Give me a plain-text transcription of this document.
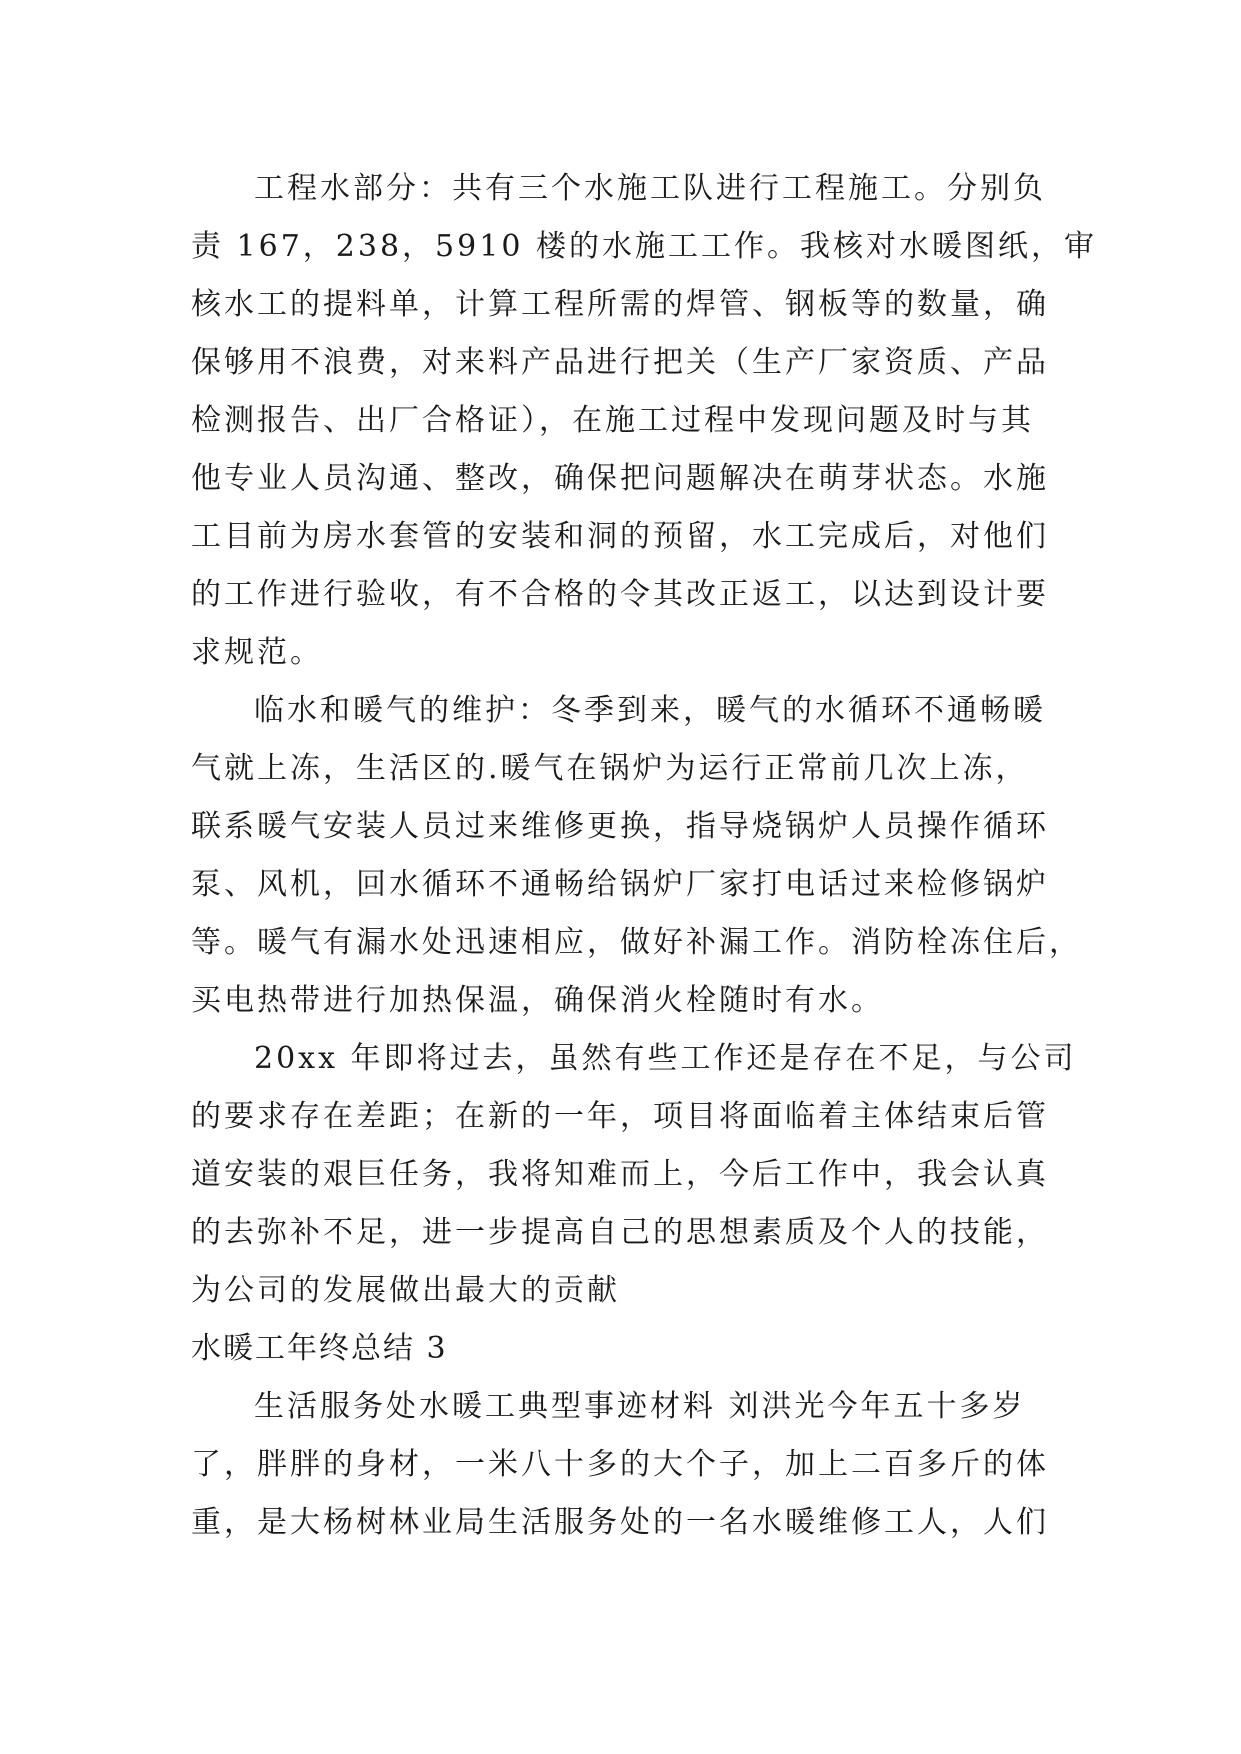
工程水部分：共有三个水施工队进行工程施工。分别负
责 167，238，5910 楼的水施工工作。我核对水暖图纸，审
核水工的提料单，计算工程所需的焊管、钢板等的数量，确
保够用不浪费，对来料产品进行把关（生产厂家资质、产品
检测报告、出厂合格证），在施工过程中发现问题及时与其
他专业人员沟通、整改，确保把问题解决在萌芽状态。水施
工目前为房水套管的安装和洞的预留，水工完成后，对他们
的工作进行验收，有不合格的令其改正返工，以达到设计要
求规范。
临水和暖气的维护：冬季到来，暖气的水循环不通畅暖
气就上冻，生活区的.暖气在锅炉为运行正常前几次上冻，
联系暖气安装人员过来维修更换，指导烧锅炉人员操作循环
泵、风机，回水循环不通畅给锅炉厂家打电话过来检修锅炉
等。暖气有漏水处迅速相应，做好补漏工作。消防栓冻住后，
买电热带进行加热保温，确保消火栓随时有水。
20xx 年即将过去，虽然有些工作还是存在不足，与公司
的要求存在差距；在新的一年，项目将面临着主体结束后管
道安装的艰巨任务，我将知难而上，今后工作中，我会认真
的去弥补不足，进一步提高自己的思想素质及个人的技能，
为公司的发展做出最大的贡献
水暖工年终总结 3
生活服务处水暖工典型事迹材料 刘洪光今年五十多岁
了，胖胖的身材，一米八十多的大个子，加上二百多斤的体
重，是大杨树林业局生活服务处的一名水暖维修工人，人们
